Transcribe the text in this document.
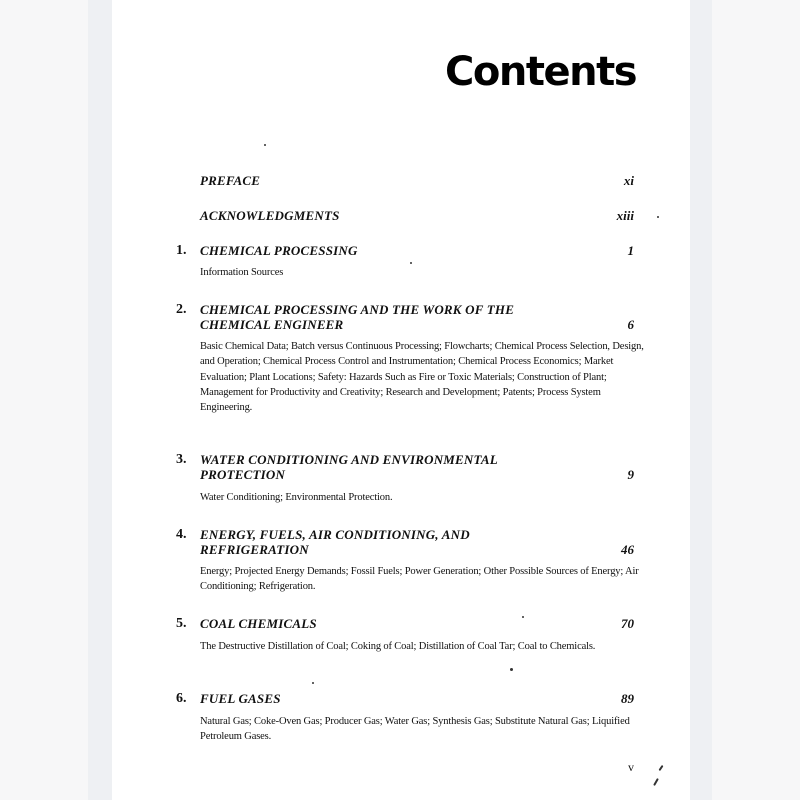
Contents
PREFACE	xi
ACKNOWLEDGMENTS	xiii
1. CHEMICAL PROCESSING	1
Information Sources
2. CHEMICAL PROCESSING AND THE WORK OF THE CHEMICAL ENGINEER	6
Basic Chemical Data; Batch versus Continuous Processing; Flowcharts; Chemical Process Selection, Design, and Operation; Chemical Process Control and Instrumentation; Chemical Process Economics; Market Evaluation; Plant Locations; Safety: Hazards Such as Fire or Toxic Materials; Construction of Plant; Management for Productivity and Creativity; Research and Development; Patents; Process System Engineering.
3. WATER CONDITIONING AND ENVIRONMENTAL PROTECTION	9
Water Conditioning; Environmental Protection.
4. ENERGY, FUELS, AIR CONDITIONING, AND REFRIGERATION	46
Energy; Projected Energy Demands; Fossil Fuels; Power Generation; Other Possible Sources of Energy; Air Conditioning; Refrigeration.
5. COAL CHEMICALS	70
The Destructive Distillation of Coal; Coking of Coal; Distillation of Coal Tar; Coal to Chemicals.
6. FUEL GASES	89
Natural Gas; Coke-Oven Gas; Producer Gas; Water Gas; Synthesis Gas; Substitute Natural Gas; Liquified Petroleum Gases.
v
